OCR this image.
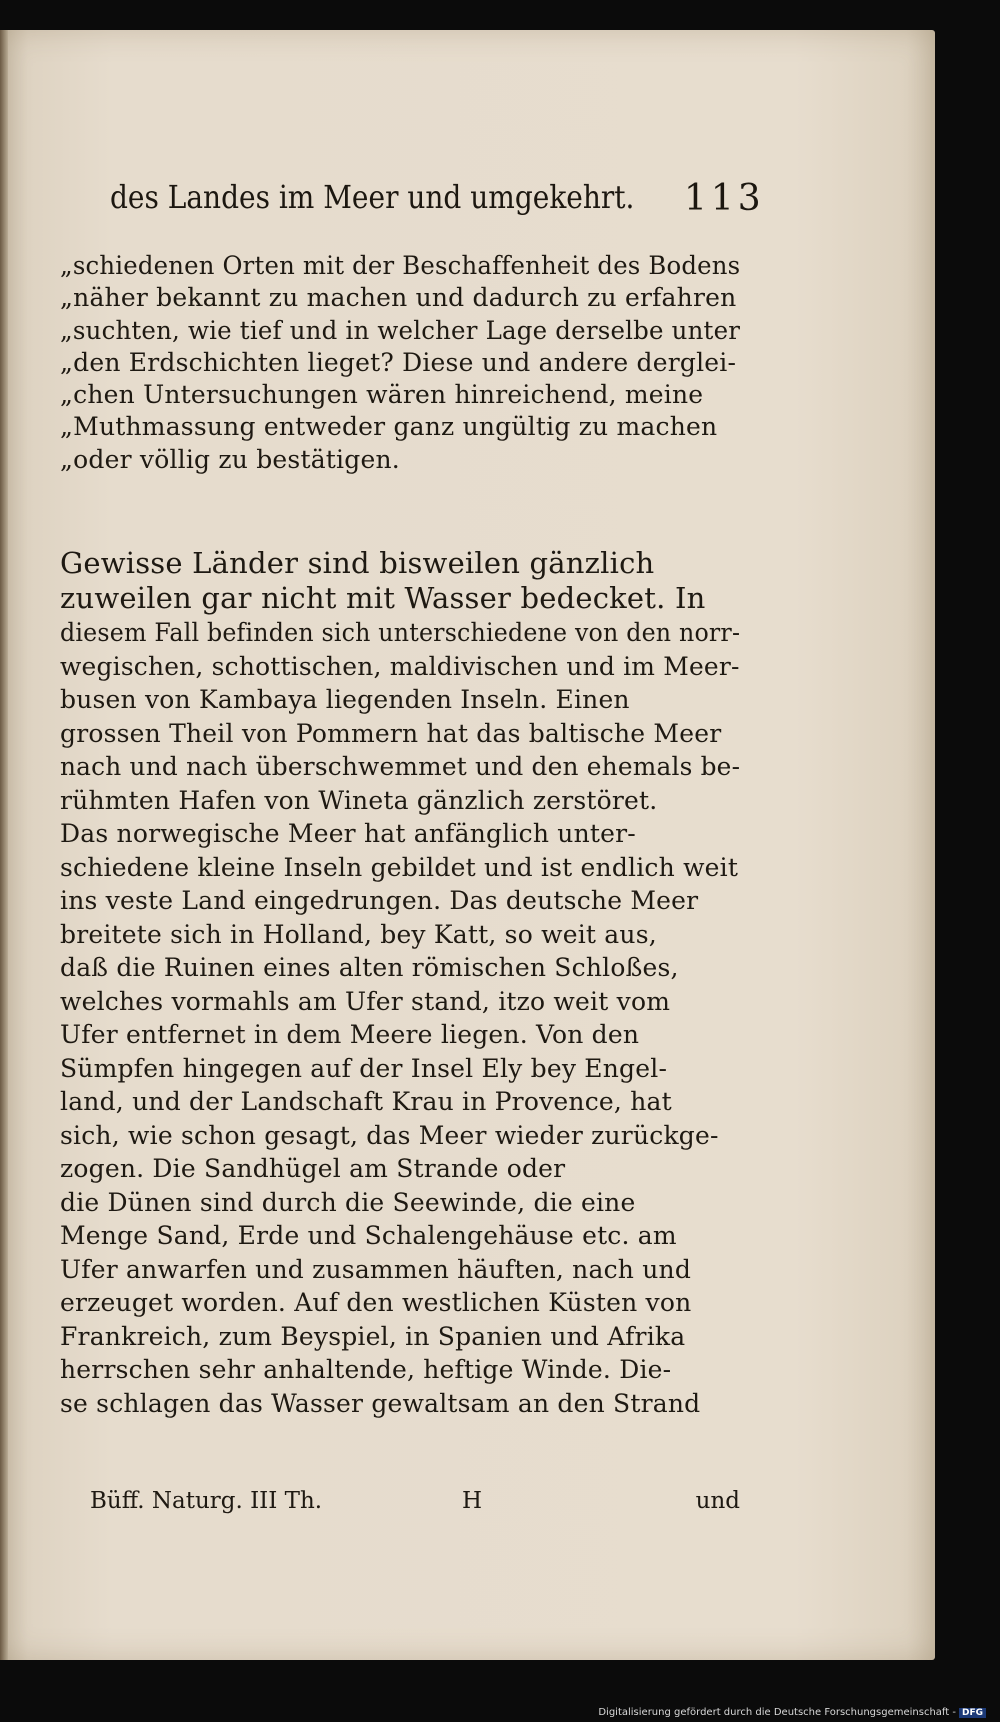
des Landes im Meer und umgekehrt.	113
„schiedenen Orten mit der Beschaffenheit des Bodens
„näher bekannt zu machen und dadurch zu erfahren
„suchten, wie tief und in welcher Lage derselbe unter
„den Erdschichten lieget? Diese und andere derglei-
„chen Untersuchungen wären hinreichend, meine
„Muthmassung entweder ganz ungültig zu machen
„oder völlig zu bestätigen.
Gewisse Länder sind bisweilen gänzlich
zuweilen gar nicht mit Wasser bedecket. In
diesem Fall befinden sich unterschiedene von den norr-
wegischen, schottischen, maldivischen und im Meer-
busen von Kambaya liegenden Inseln. Einen
grossen Theil von Pommern hat das baltische Meer
nach und nach überschwemmet und den ehemals be-
rühmten Hafen von Wineta gänzlich zerstöret.
Das norwegische Meer hat anfänglich unter-
schiedene kleine Inseln gebildet und ist endlich weit
ins veste Land eingedrungen. Das deutsche Meer
breitete sich in Holland, bey Katt, so weit aus,
daß die Ruinen eines alten römischen Schloßes,
welches vormahls am Ufer stand, itzo weit vom
Ufer entfernet in dem Meere liegen. Von den
Sümpfen hingegen auf der Insel Ely bey Engel-
land, und der Landschaft Krau in Provence, hat
sich, wie schon gesagt, das Meer wieder zurückge-
zogen. Die Sandhügel am Strande oder
die Dünen sind durch die Seewinde, die eine
Menge Sand, Erde und Schalengehäuse etc. am
Ufer anwarfen und zusammen häuften, nach und
erzeuget worden. Auf den westlichen Küsten von
Frankreich, zum Beyspiel, in Spanien und Afrika
herrschen sehr anhaltende, heftige Winde. Die-
se schlagen das Wasser gewaltsam an den Strand
Büff. Naturg. III Th.	H	und
Digitalisierung gefördert durch die Deutsche Forschungsgemeinschaft - DFG
